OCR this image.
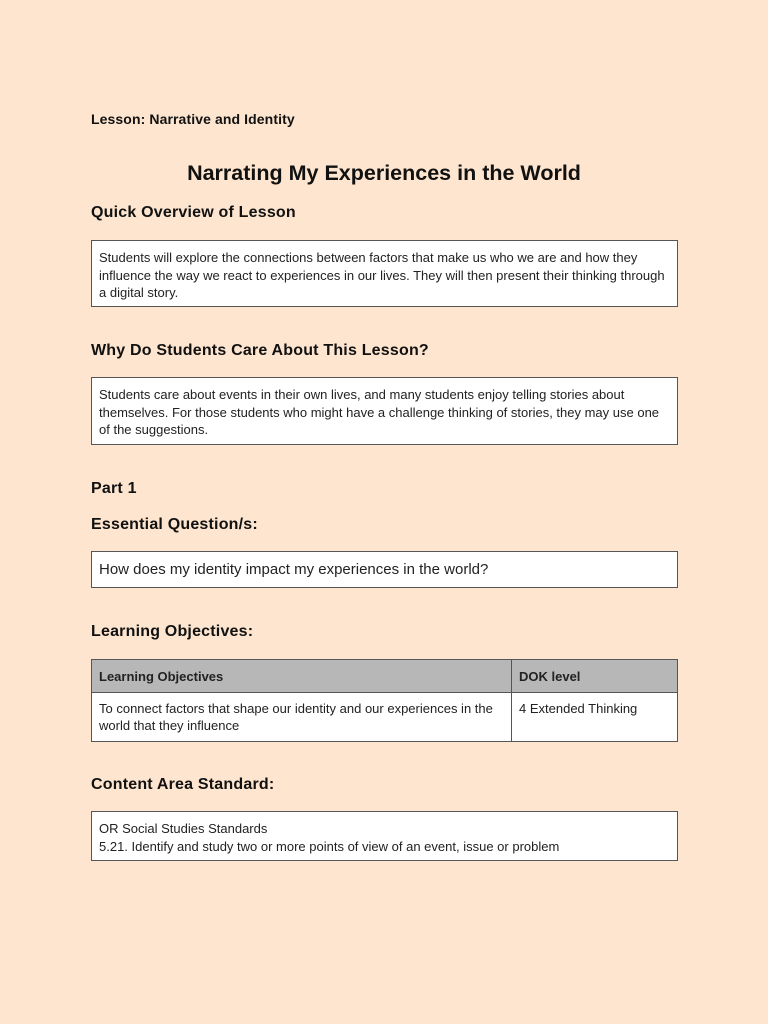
Lesson: Narrative and Identity
Narrating My Experiences in the World
Quick Overview of Lesson
Students will explore the connections between factors that make us who we are and how they influence the way we react to experiences in our lives. They will then present their thinking through a digital story.
Why Do Students Care About This Lesson?
Students care about events in their own lives, and many students enjoy telling stories about themselves. For those students who might have a challenge thinking of stories, they may use one of the suggestions.
Part 1
Essential Question/s:
How does my identity impact my experiences in the world?
Learning Objectives:
Learning Objectives	DOK level
To connect factors that shape our identity and our experiences in the world that they influence	4 Extended Thinking
Content Area Standard:
OR Social Studies Standards
5.21. Identify and study two or more points of view of an event, issue or problem
